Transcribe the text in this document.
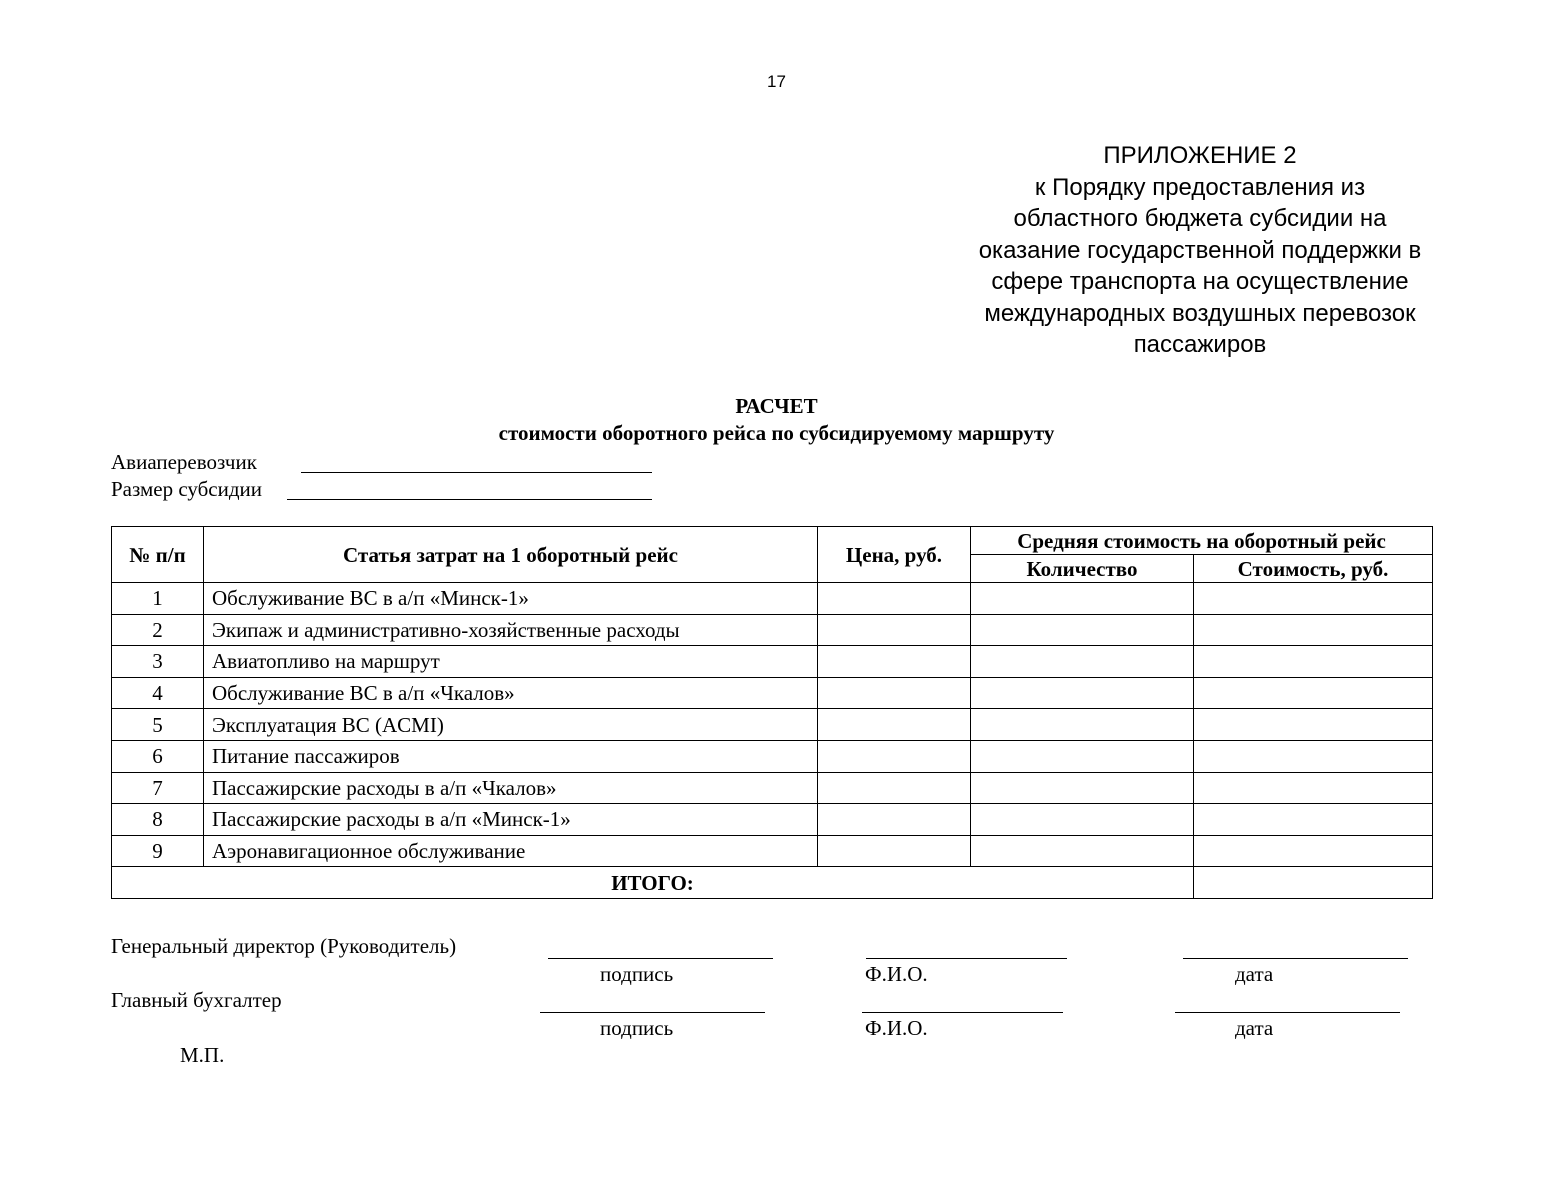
17
ПРИЛОЖЕНИЕ 2
к Порядку предоставления из
областного бюджета субсидии на
оказание государственной поддержки в
сфере транспорта на осуществление
международных воздушных перевозок
пассажиров
РАСЧЕТ
стоимости оборотного рейса по субсидируемому маршруту
Авиаперевозчик
Размер субсидии
№ п/п	Статья затрат на 1 оборотный рейс	Цена, руб.	Средняя стоимость на оборотный рейс	
			Количество	Стоимость, руб.
1	Обслуживание ВС в а/п «Минск-1»			
2	Экипаж и административно-хозяйственные расходы			
3	Авиатопливо на маршрут			
4	Обслуживание ВС в а/п «Чкалов»			
5	Эксплуатация ВС (ACMI)			
6	Питание пассажиров			
7	Пассажирские расходы в а/п «Чкалов»			
8	Пассажирские расходы в а/п «Минск-1»			
9	Аэронавигационное обслуживание			
ИТОГО:				
Генеральный директор (Руководитель)
подпись	Ф.И.О.	дата
Главный бухгалтер
подпись	Ф.И.О.	дата
М.П.
